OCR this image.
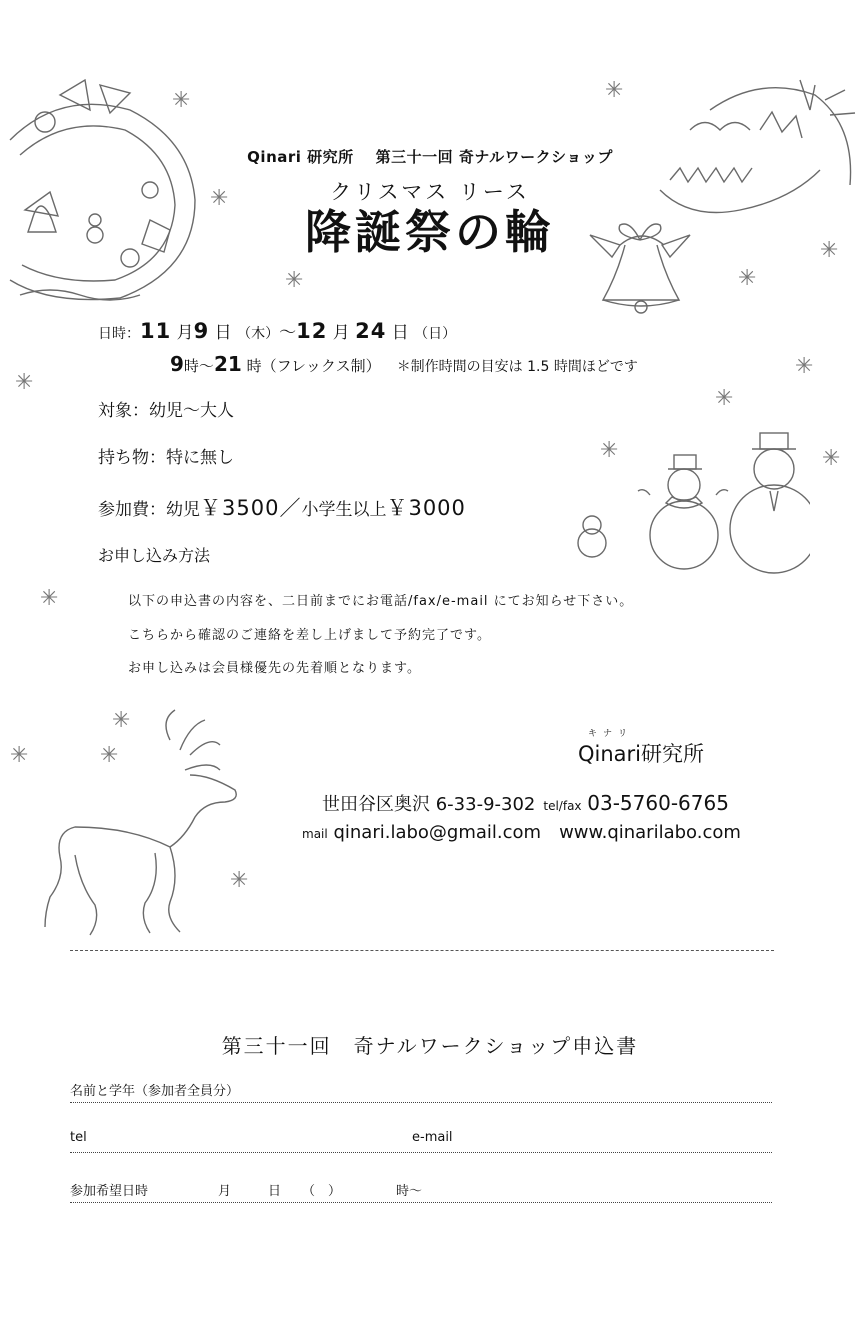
✳
✳
✳
✳
✳
✳
✳
✳
✳
✳	✳
✳
✳
✳
✳
✳
Qinari 研究所 第三十一回 奇ナルワークショップ
クリスマス リース
降誕祭の輪
日時：11 月9 日 （木）～12 月 24 日 （日）
9時～21 時（フレックス制） ＊制作時間の目安は 1.5 時間ほどです
対象：幼児～大人
持ち物：特に無し
参加費：幼児￥3500／小学生以上￥3000
お申し込み方法
以下の申込書の内容を、二日前までにお電話/fax/e-mail にてお知らせ下さい。
こちらから確認のご連絡を差し上げまして予約完了です。
お申し込みは会員様優先の先着順となります。
キナリ
Qinari研究所
世田谷区奥沢 6-33-9-302 tel/fax 03-5760-6765
mail qinari.labo@gmail.com www.qinarilabo.com
第三十一回　奇ナルワークショップ申込書
名前と学年（参加者全員分）
tel	e-mail
参加希望日時	月	日 （　）	時～
